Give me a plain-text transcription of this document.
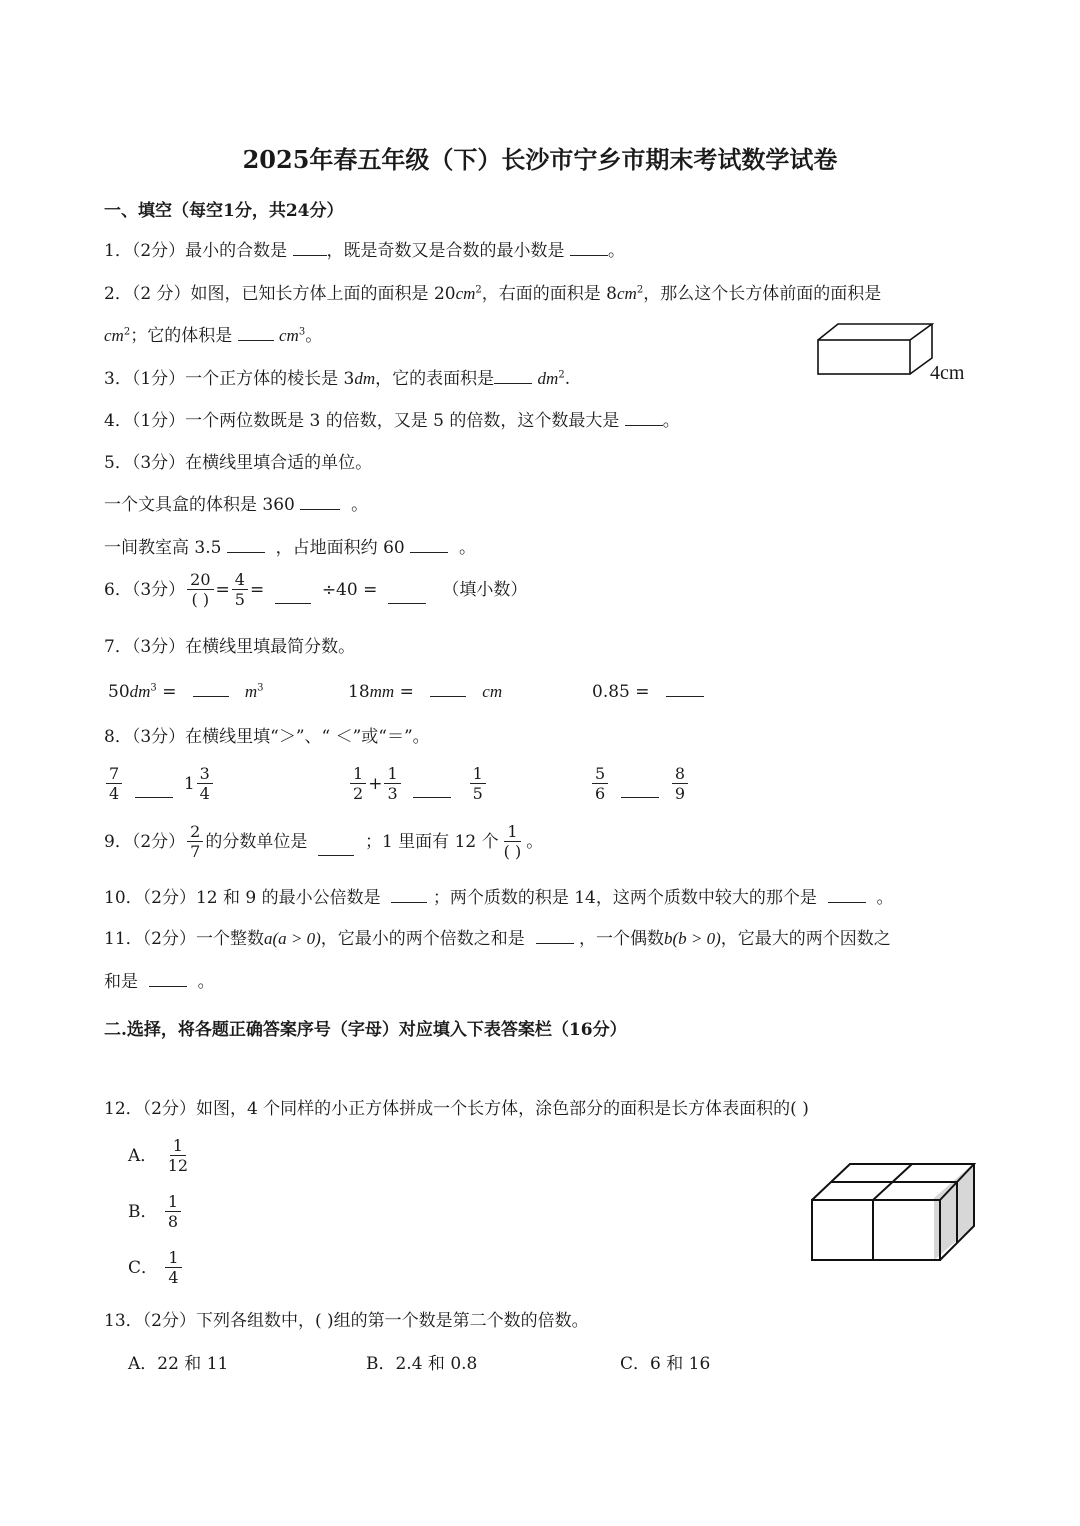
2025年春五年级（下）长沙市宁乡市期末考试数学试卷
一、填空（每空1分，共24分）
1．（2分）最小的合数是 ，既是奇数又是合数的最小数是	。
2．（2 分）如图，已知长方体上面的面积是 $20cm^2$，右面的面积是 $8cm^2$，那么这个长方体前面的面积是
$cm^2$；它的体积是	$cm^3$。
4cm
3．（1分）一个正方体的棱长是 3dm，它的表面积是	$dm^2$.
4．（1分）一个两位数既是 3 的倍数，又是 5 的倍数，这个数最大是	。
5．（3分）在横线里填合适的单位。
一个文具盒的体积是 360	。
一间教室高 3.5	，占地面积约 60	。
6．（3分） $\frac{20}{( )} = \frac{4}{5}$ =

	÷40 =

	（填小数）
7．（3分）在横线里填最简分数。
$50dm^3$ =	$m^3$	18mm =	cm	0.85 =
8．（3分）在横线里填“＞”、“ ＜”或“＝”。
$\frac{7}{4}$

	$1 \frac{3}{4}$	$\frac{1}{2} + \frac{1}{3}$

	$\frac{1}{5}$	$\frac{5}{6}$

	$\frac{8}{9}$
9．（2分） $\frac{2}{7}$ 的分数单位是

	；1 里面有 12 个 $\frac{1}{( )}$ 。
10．（2分）12 和 9 的最小公倍数是	；两个质数的积是 14，这两个质数中较大的那个是	。
11．（2分）一个整数a(a > 0)，它最小的两个倍数之和是	，一个偶数b(b > 0)，它最大的两个因数之
和是	。
二.选择，将各题正确答案序号（字母）对应填入下表答案栏（16分）
12．（2分）如图，4 个同样的小正方体拼成一个长方体，涂色部分的面积是长方体表面积的( )
A．
$\frac{1}{12}$
B．
$\frac{1}{8}$
C．
$\frac{1}{4}$
13．（2分）下列各组数中，( )组的第一个数是第二个数的倍数。
A．22 和 11	B．2.4 和 0.8	C．6 和 16
